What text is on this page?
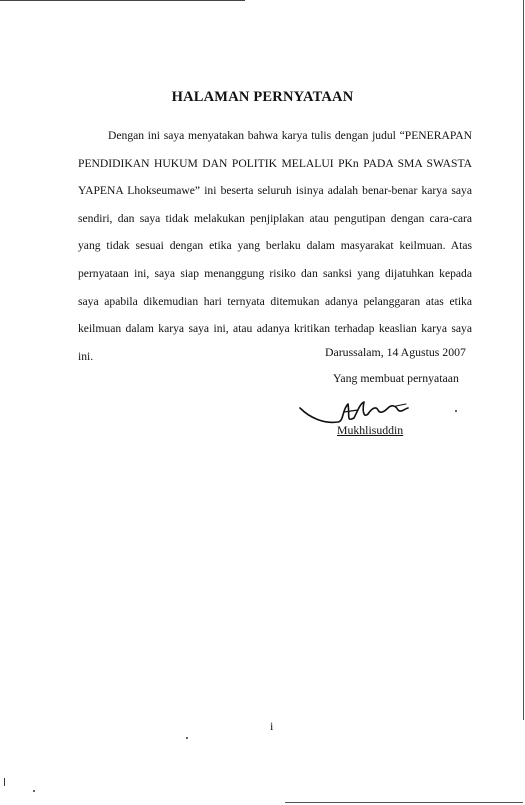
HALAMAN PERNYATAAN

Dengan ini saya menyatakan bahwa karya tulis dengan judul “PENERAPAN PENDIDIKAN HUKUM DAN POLITIK MELALUI PKn PADA SMA SWASTA YAPENA Lhokseumawe” ini beserta seluruh isinya adalah benar-benar karya saya sendiri, dan saya tidak melakukan penjiplakan atau pengutipan dengan cara-cara yang tidak sesuai dengan etika yang berlaku dalam masyarakat keilmuan. Atas pernyataan ini, saya siap menanggung risiko dan sanksi yang dijatuhkan kepada saya apabila dikemudian hari ternyata ditemukan adanya pelanggaran atas etika keilmuan dalam karya saya ini, atau adanya kritikan terhadap keaslian karya saya ini.	Darussalam, 14 Agustus 2007
Yang membuat pernyataan
Mukhlisuddin
i
